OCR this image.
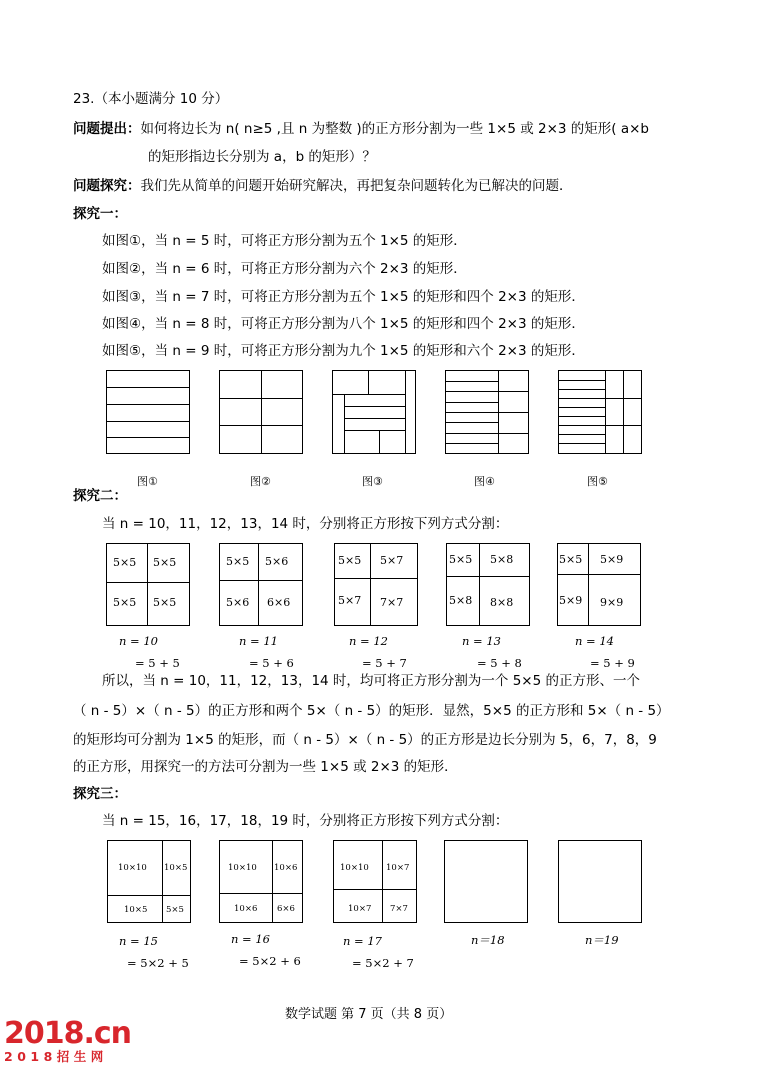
23.（本小题满分 10 分）
问题提出：如何将边长为 n( n≥5 ,且 n 为整数 )的正方形分割为一些 1×5 或 2×3 的矩形( a×b
的矩形指边长分别为 a，b 的矩形）？
问题探究：我们先从简单的问题开始研究解决，再把复杂问题转化为已解决的问题．
探究一：
如图①，当 n = 5 时，可将正方形分割为五个 1×5 的矩形．
如图②，当 n = 6 时，可将正方形分割为六个 2×3 的矩形．
如图③，当 n = 7 时，可将正方形分割为五个 1×5 的矩形和四个 2×3 的矩形．
如图④，当 n = 8 时，可将正方形分割为八个 1×5 的矩形和四个 2×3 的矩形．
如图⑤，当 n = 9 时，可将正方形分割为九个 1×5 的矩形和六个 2×3 的矩形．
图①	图②	图③	图④	图⑤
探究二：
当 n = 10，11，12，13，14 时，分别将正方形按下列方式分割：
5×5 5×5
5×5 5×5
5×5 5×6
5×6 6×6
5×5 5×7
5×7 7×7
5×5 5×8
5×8 8×8
5×5 5×9
5×9 9×9
n = 10
= 5 + 5
n = 11
= 5 + 6
n = 12
= 5 + 7
n = 13
= 5 + 8
n = 14
= 5 + 9
所以，当 n = 10，11，12，13，14 时，均可将正方形分割为一个 5×5 的正方形、一个
（ n - 5）×（ n - 5）的正方形和两个 5×（ n - 5）的矩形．显然，5×5 的正方形和 5×（ n - 5）
的矩形均可分割为 1×5 的矩形，而（ n - 5）×（ n - 5）的正方形是边长分别为 5，6，7，8，9
的正方形，用探究一的方法可分割为一些 1×5 或 2×3 的矩形．
探究三：
当 n = 15，16，17，18，19 时，分别将正方形按下列方式分割：
10×10 10×5
10×5 5×5
10×10 10×6
10×6 6×6
10×10 10×7
10×7 7×7
n = 15
= 5×2 + 5
n = 16
= 5×2 + 6
n = 17
= 5×2 + 7
n＝18	n＝19
数学试题 第 7 页（共 8 页）
2018.cn
2018招生网
